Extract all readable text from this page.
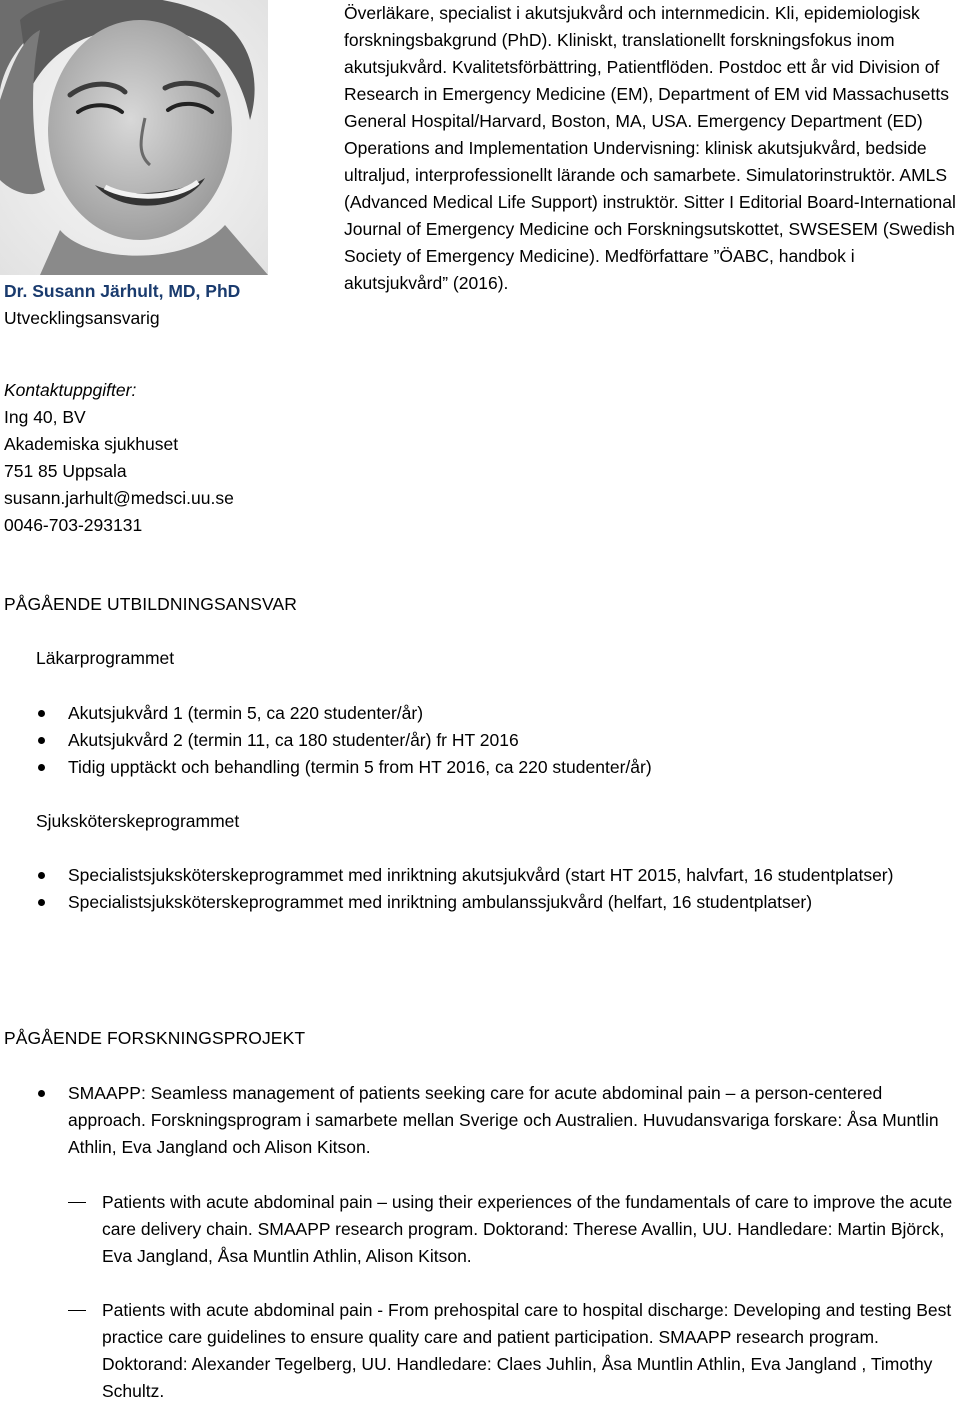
Dr. Susann Järhult, MD, PhD
Utvecklingsansvarig
Överläkare, specialist i akutsjukvård och internmedicin. Kli, epidemiologisk forskningsbakgrund (PhD). Kliniskt, translationellt forskningsfokus inom akutsjukvård. Kvalitetsförbättring, Patientflöden. Postdoc ett år vid Division of Research in Emergency Medicine (EM), Department of EM vid Massachusetts General Hospital/Harvard, Boston, MA, USA. Emergency Department (ED) Operations and Implementation Undervisning: klinisk akutsjukvård, bedside ultraljud, interprofessionellt lärande och samarbete. Simulatorinstruktör. AMLS (Advanced Medical Life Support) instruktör. Sitter I Editorial Board-International Journal of Emergency Medicine och Forskningsutskottet, SWSESEM (Swedish Society of Emergency Medicine). Medförfattare ”ÖABC, handbok i akutsjukvård” (2016).
Kontaktuppgifter:
Ing 40, BV
Akademiska sjukhuset
751 85 Uppsala
susann.jarhult@medsci.uu.se
0046-703-293131
PÅGÅENDE UTBILDNINGSANSVAR
Läkarprogrammet
Akutsjukvård 1 (termin 5, ca 220 studenter/år)
Akutsjukvård 2 (termin 11, ca 180 studenter/år) fr HT 2016
Tidig upptäckt och behandling (termin 5 from HT 2016, ca 220 studenter/år)
Sjuksköterskeprogrammet
Specialistsjuksköterskeprogrammet med inriktning akutsjukvård (start HT 2015, halvfart, 16 studentplatser)
Specialistsjuksköterskeprogrammet med inriktning ambulanssjukvård (helfart, 16 studentplatser)
PÅGÅENDE FORSKNINGSPROJEKT
SMAAPP: Seamless management of patients seeking care for acute abdominal pain – a person-centered approach. Forskningsprogram i samarbete mellan Sverige och Australien. Huvudansvariga forskare: Åsa Muntlin Athlin, Eva Jangland och Alison Kitson.
Patients with acute abdominal pain – using their experiences of the fundamentals of care to improve the acute care delivery chain. SMAAPP research program. Doktorand: Therese Avallin, UU. Handledare: Martin Björck, Eva Jangland, Åsa Muntlin Athlin, Alison Kitson.
Patients with acute abdominal pain - From prehospital care to hospital discharge: Developing and testing Best practice care guidelines to ensure quality care and patient participation. SMAAPP research program. Doktorand: Alexander Tegelberg, UU. Handledare: Claes Juhlin, Åsa Muntlin Athlin, Eva Jangland , Timothy Schultz.
